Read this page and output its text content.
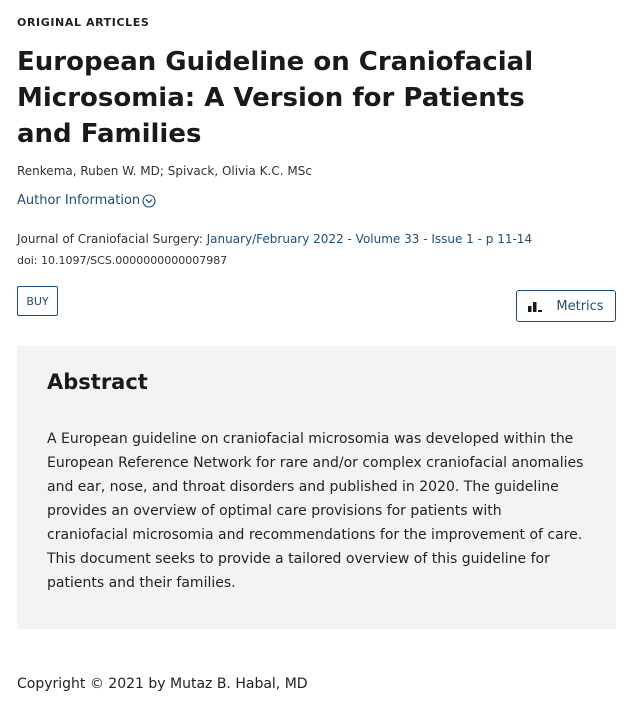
ORIGINAL ARTICLES
European Guideline on Craniofacial Microsomia: A Version for Patients and Families
Renkema, Ruben W. MD; Spivack, Olivia K.C. MSc
Author Information
Journal of Craniofacial Surgery: January/February 2022 - Volume 33 - Issue 1 - p 11-14
doi: 10.1097/SCS.0000000000007987
BUY	Metrics
Abstract

A European guideline on craniofacial microsomia was developed within the European Reference Network for rare and/or complex craniofacial anomalies and ear, nose, and throat disorders and published in 2020. The guideline provides an overview of optimal care provisions for patients with craniofacial microsomia and recommendations for the improvement of care. This document seeks to provide a tailored overview of this guideline for patients and their families.

Copyright © 2021 by Mutaz B. Habal, MD
